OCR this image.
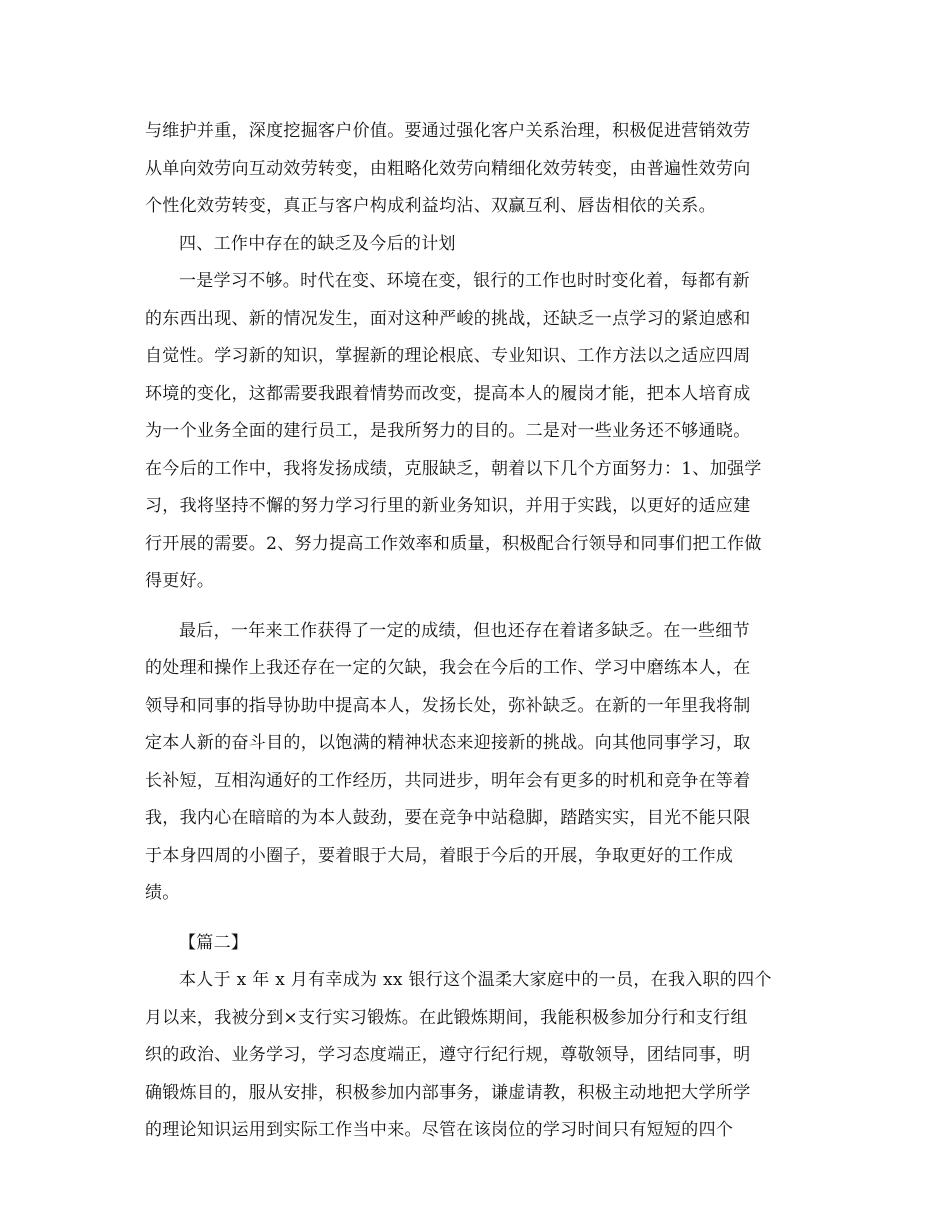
与维护并重，深度挖掘客户价值。要通过强化客户关系治理，积极促进营销效劳
从单向效劳向互动效劳转变，由粗略化效劳向精细化效劳转变，由普遍性效劳向
个性化效劳转变，真正与客户构成利益均沾、双赢互利、唇齿相依的关系。
四、工作中存在的缺乏及今后的计划
一是学习不够。时代在变、环境在变，银行的工作也时时变化着，每都有新
的东西出现、新的情况发生，面对这种严峻的挑战，还缺乏一点学习的紧迫感和
自觉性。学习新的知识，掌握新的理论根底、专业知识、工作方法以之适应四周
环境的变化，这都需要我跟着情势而改变，提高本人的履岗才能，把本人培育成
为一个业务全面的建行员工，是我所努力的目的。二是对一些业务还不够通晓。
在今后的工作中，我将发扬成绩，克服缺乏，朝着以下几个方面努力：1、加强学
习，我将坚持不懈的努力学习行里的新业务知识，并用于实践，以更好的适应建
行开展的需要。2、努力提高工作效率和质量，积极配合行领导和同事们把工作做
得更好。
最后，一年来工作获得了一定的成绩，但也还存在着诸多缺乏。在一些细节
的处理和操作上我还存在一定的欠缺，我会在今后的工作、学习中磨练本人，在
领导和同事的指导协助中提高本人，发扬长处，弥补缺乏。在新的一年里我将制
定本人新的奋斗目的，以饱满的精神状态来迎接新的挑战。向其他同事学习，取
长补短，互相沟通好的工作经历，共同进步，明年会有更多的时机和竞争在等着
我，我内心在暗暗的为本人鼓劲，要在竞争中站稳脚，踏踏实实，目光不能只限
于本身四周的小圈子，要着眼于大局，着眼于今后的开展，争取更好的工作成
绩。
【篇二】
本人于 x 年 x 月有幸成为 xx 银行这个温柔大家庭中的一员，在我入职的四个
月以来，我被分到×支行实习锻炼。在此锻炼期间，我能积极参加分行和支行组
织的政治、业务学习，学习态度端正，遵守行纪行规，尊敬领导，团结同事，明
确锻炼目的，服从安排，积极参加内部事务，谦虚请教，积极主动地把大学所学
的理论知识运用到实际工作当中来。尽管在该岗位的学习时间只有短短的四个
